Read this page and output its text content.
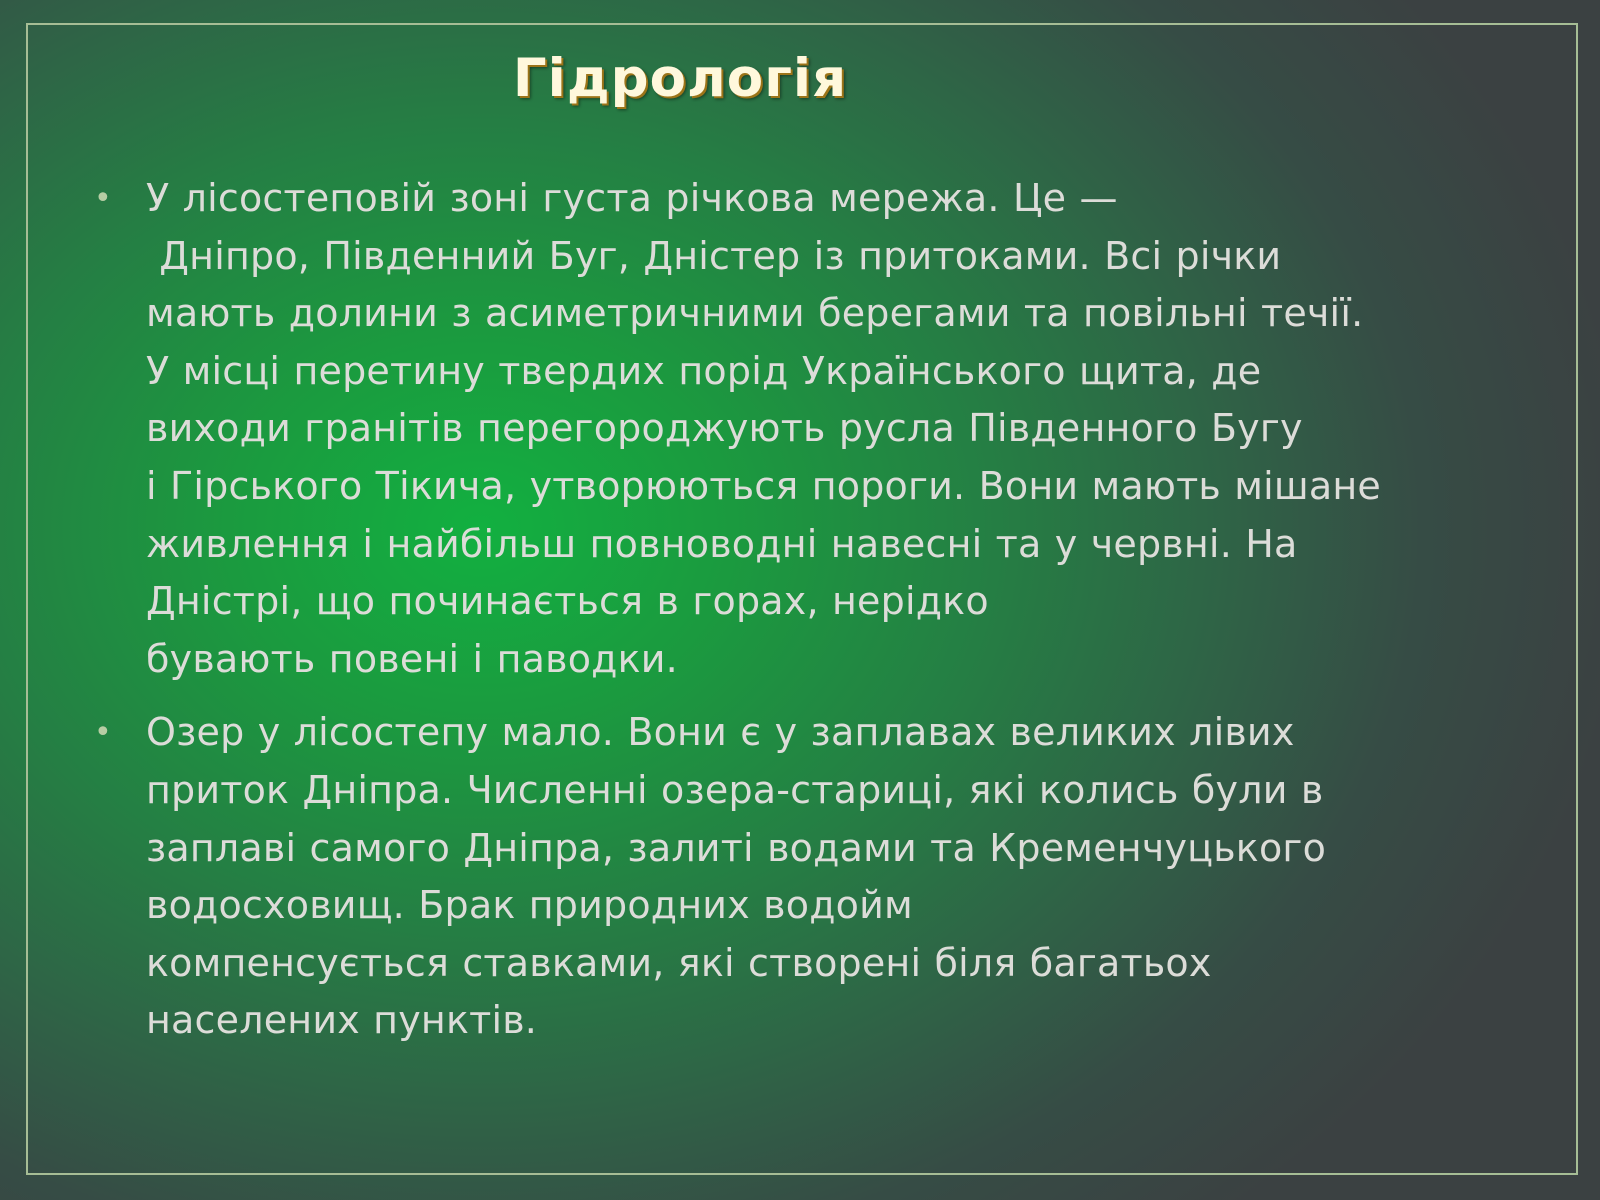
Гідрологія
• У лісостеповій зоні густа річкова мережа. Це —
Дніпро, Південний Буг, Дністер із притоками. Всі річки
мають долини з асиметричними берегами та повільні течії.
У місці перетину твердих порід Українського щита, де
виходи гранітів перегороджують русла Південного Бугу
і Гірського Тікича, утворюються пороги. Вони мають мішане
живлення і найбільш повноводні навесні та у червні. На
Дністрі, що починається в горах, нерідко
бувають повені і паводки.
• Озер у лісостепу мало. Вони є у заплавах великих лівих
приток Дніпра. Численні озера-стариці, які колись були в
заплаві самого Дніпра, залиті водами та Кременчуцького
водосховищ. Брак природних водойм
компенсується ставками, які створені біля багатьох
населених пунктів.
